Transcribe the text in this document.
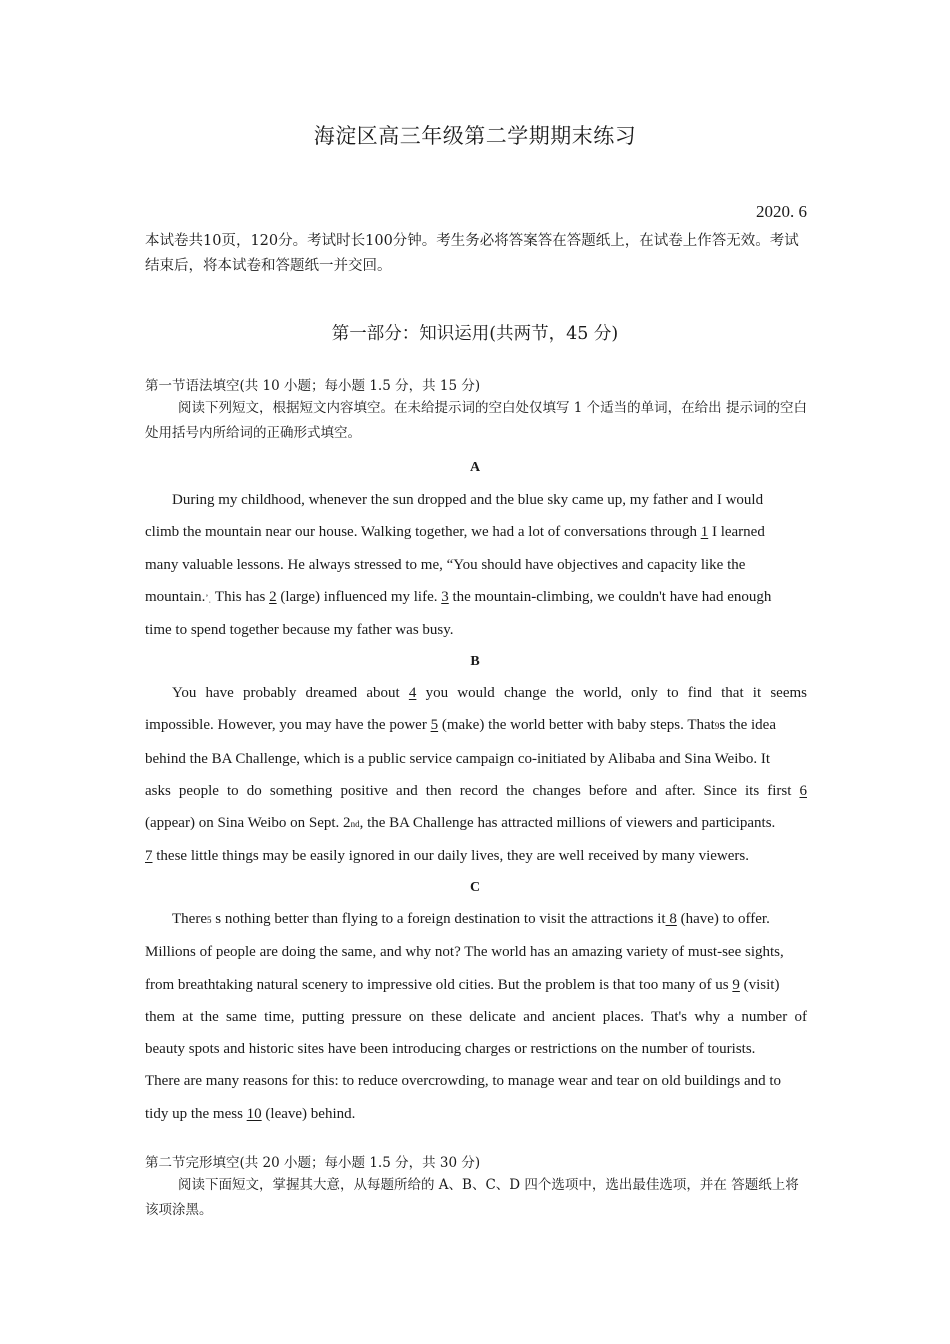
海淀区高三年级第二学期期末练习
2020. 6
本试卷共10页，120分。考试时长100分钟。考生务必将答案答在答题纸上，在试卷上作答无效。考试结束后，将本试卷和答题纸一并交回。
第一部分：知识运用(共两节，45 分)
第一节语法填空(共 10 小题；每小题 1.5 分，共 15 分)
阅读下列短文，根据短文内容填空。在未给提示词的空白处仅填写 1 个适当的单词，在给出 提示词的空白处用括号内所给词的正确形式填空。
A
During my childhood, whenever the sun dropped and the blue sky came up, my father and I would
climb the mountain near our house. Walking together, we had a lot of conversations through 1 I learned
many valuable lessons. He always stressed to me, “You should have objectives and capacity like the
mountain.’ˌ This has 2 (large) influenced my life. 3 the mountain-climbing, we couldn't have had enough
time to spend together because my father was busy.
B
You have probably dreamed about 4 you would change the world, only to find that it seems
impossible. However, you may have the power 5 (make) the world better with baby steps. That9s the idea
behind the BA Challenge, which is a public service campaign co-initiated by Alibaba and Sina Weibo. It
asks people to do something positive and then record the changes before and after. Since its first 6
(appear) on Sina Weibo on Sept. 2nd, the BA Challenge has attracted millions of viewers and participants.
7 these little things may be easily ignored in our daily lives, they are well received by many viewers.
C
There5 s nothing better than flying to a foreign destination to visit the attractions it 8 (have) to offer.
Millions of people are doing the same, and why not? The world has an amazing variety of must-see sights,
from breathtaking natural scenery to impressive old cities. But the problem is that too many of us 9 (visit)
them at the same time, putting pressure on these delicate and ancient places. That's why a number of
beauty spots and historic sites have been introducing charges or restrictions on the number of tourists.
There are many reasons for this: to reduce overcrowding, to manage wear and tear on old buildings and to
tidy up the mess 10 (leave) behind.
第二节完形填空(共 20 小题；每小题 1.5 分，共 30 分)
阅读下面短文，掌握其大意，从每题所给的 A、B、C、D 四个选项中，选出最佳选项，并在 答题纸上将该项涂黑。
